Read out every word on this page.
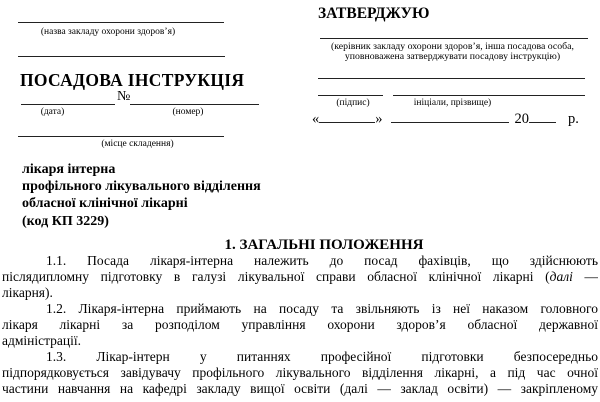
(назва закладу охорони здоров’я)
ПОСАДОВА ІНСТРУКЦІЯ
№
(дата)	(номер)
(місце складення)
ЗАТВЕРДЖУЮ
(керівник закладу охорони здоров’я, інша посадова особа,
уповноважена затверджувати посадову інструкцію)
(підпис)	ініціали, прізвище)
«	»	20	р.
лікаря інтерна
профільного лікувального відділення
обласної клінічної лікарні
(код КП 3229)
1. ЗАГАЛЬНІ ПОЛОЖЕННЯ
1.1. Посада лікаря-інтерна належить до посад фахівців, що здійснюють
післядипломну підготовку в галузі лікувальної справи обласної клінічної лікарні (далі —
лікарня).
1.2. Лікаря-інтерна приймають на посаду та звільняють із неї наказом головного
лікаря лікарні за розподілом управління охорони здоров’я обласної державної
адміністрації.
1.3. Лікар-інтерн у питаннях професійної підготовки безпосередньо
підпорядковується завідувачу профільного лікувального відділення лікарні, а під час очної
частини навчання на кафедрі закладу вищої освіти (далі — заклад освіти) — закріпленому
